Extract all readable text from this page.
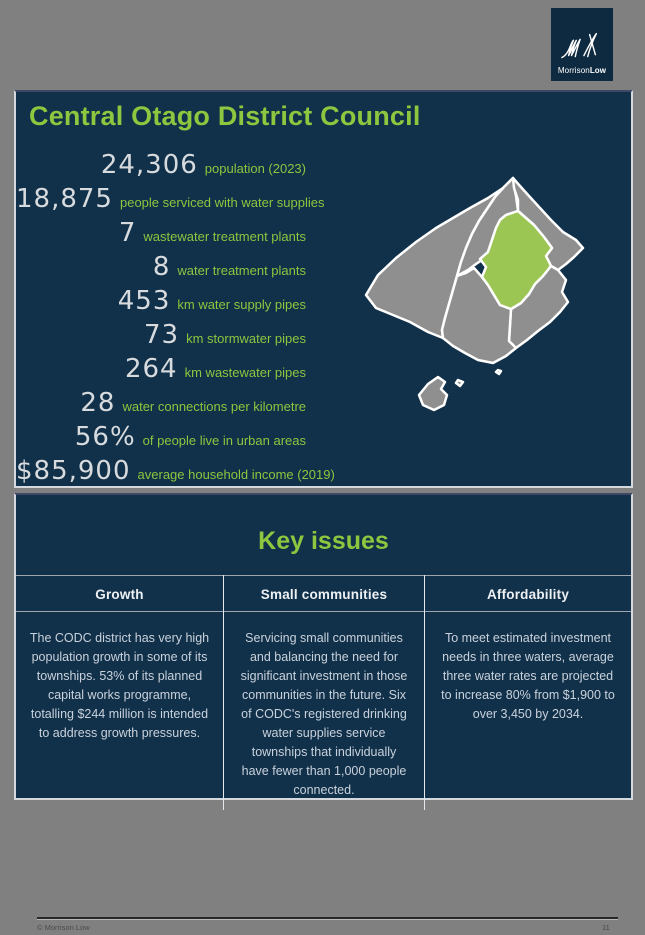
MorrisonLow
Central Otago District Council
24,306 population (2023)
18,875 people serviced with water supplies
7 wastewater treatment plants
8 water treatment plants
453 km water supply pipes
73 km stormwater pipes
264 km wastewater pipes
28 water connections per kilometre
56% of people live in urban areas
$85,900 average household income (2019)
Key issues
Growth
The CODC district has very high population growth in some of its townships. 53% of its planned capital works programme, totalling $244 million is intended to address growth pressures.
Small communities
Servicing small communities and balancing the need for significant investment in those communities in the future. Six of CODC's registered drinking water supplies service townships that individually have fewer than 1,000 people connected.
Affordability
To meet estimated investment needs in three waters, average three water rates are projected to increase 80% from $1,900 to over 3,450 by 2034.
© Morrison Low	11
